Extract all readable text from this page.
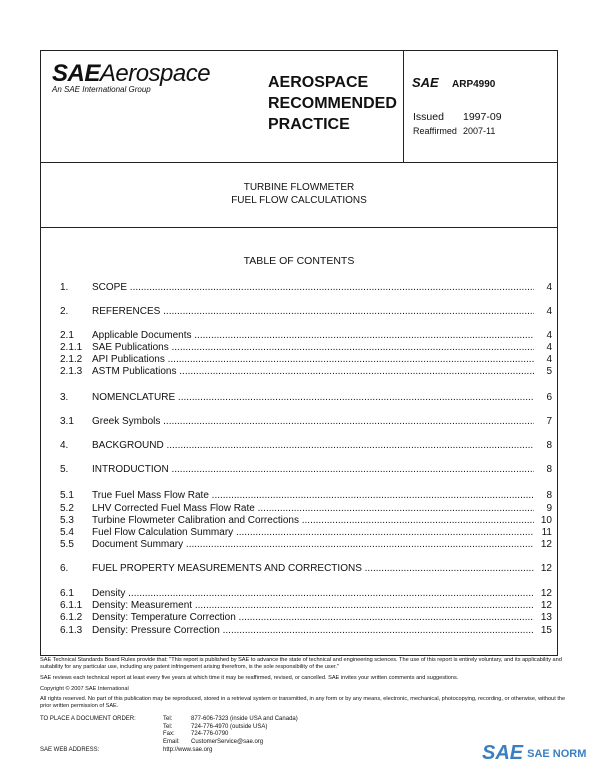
SAEAerospace
An SAE International Group	AEROSPACE
RECOMMENDED
PRACTICE
SAE ARP4990
Issued 1997-09
Reaffirmed 2007-11
TURBINE FLOWMETER
FUEL FLOW CALCULATIONS
TABLE OF CONTENTS
1.	SCOPE .....	4
2.	REFERENCES .....	4
2.1	Applicable Documents .....	4
2.1.1 SAE Publications .....	4
2.1.2 API Publications .....	4
2.1.3 ASTM Publications .....	5
3.	NOMENCLATURE .....	6
3.1	Greek Symbols .....	7
4.	BACKGROUND .....	8
5.	INTRODUCTION .....	8
5.1	True Fuel Mass Flow Rate .....	8
5.2	LHV Corrected Fuel Mass Flow Rate .....	9
5.3	Turbine Flowmeter Calibration and Corrections .....	10
5.4	Fuel Flow Calculation Summary .....	11
5.5	Document Summary .....	12
6.	FUEL PROPERTY MEASUREMENTS AND CORRECTIONS .....	12
6.1	Density .....	12
6.1.1 Density: Measurement .....	12
6.1.2 Density: Temperature Correction .....	13
6.1.3 Density: Pressure Correction .....	15
SAE Technical Standards Board Rules provide that: "This report is published by SAE to advance the state of technical and engineering sciences. The use of this report is entirely voluntary, and its applicability and suitability for any particular use, including any patent infringement arising therefrom, is the sole responsibility of the user."
SAE reviews each technical report at least every five years at which time it may be reaffirmed, revised, or cancelled. SAE invites your written comments and suggestions.
Copyright © 2007 SAE International
All rights reserved. No part of this publication may be reproduced, stored in a retrieval system or transmitted, in any form or by any means, electronic, mechanical, photocopying, recording, or otherwise, without the prior written permission of SAE.
TO PLACE A DOCUMENT ORDER:	Tel:	877-606-7323 (inside USA and Canada)
Tel:	724-776-4970 (outside USA)
Fax:	724-776-0790
Email: CustomerService@sae.org
SAE WEB ADDRESS:	http://www.sae.org	SAE SAE NORM
